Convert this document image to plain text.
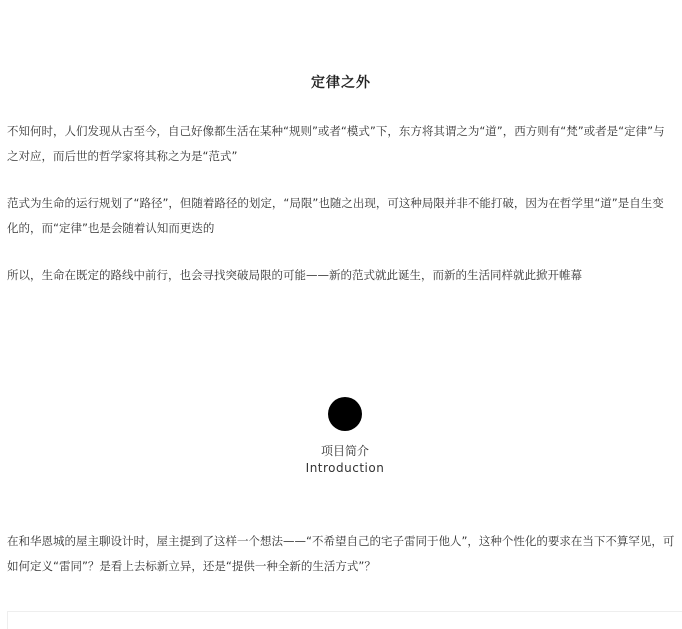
定律之外

不知何时，人们发现从古至今，自己好像都生活在某种“规则”或者“模式”下，东方将其谓之为“道”，西方则有“梵”或者是“定律”与之对应，而后世的哲学家将其称之为是“范式”

范式为生命的运行规划了“路径”，但随着路径的划定，“局限”也随之出现，可这种局限并非不能打破，因为在哲学里“道”是自生变化的，而“定律”也是会随着认知而更迭的

所以，生命在既定的路线中前行，也会寻找突破局限的可能——新的范式就此诞生，而新的生活同样就此掀开帷幕

项目简介
Introduction

在和华恩城的屋主聊设计时，屋主提到了这样一个想法——“不希望自己的宅子雷同于他人”，这种个性化的要求在当下不算罕见，可如何定义“雷同”？是看上去标新立异，还是“提供一种全新的生活方式”？
